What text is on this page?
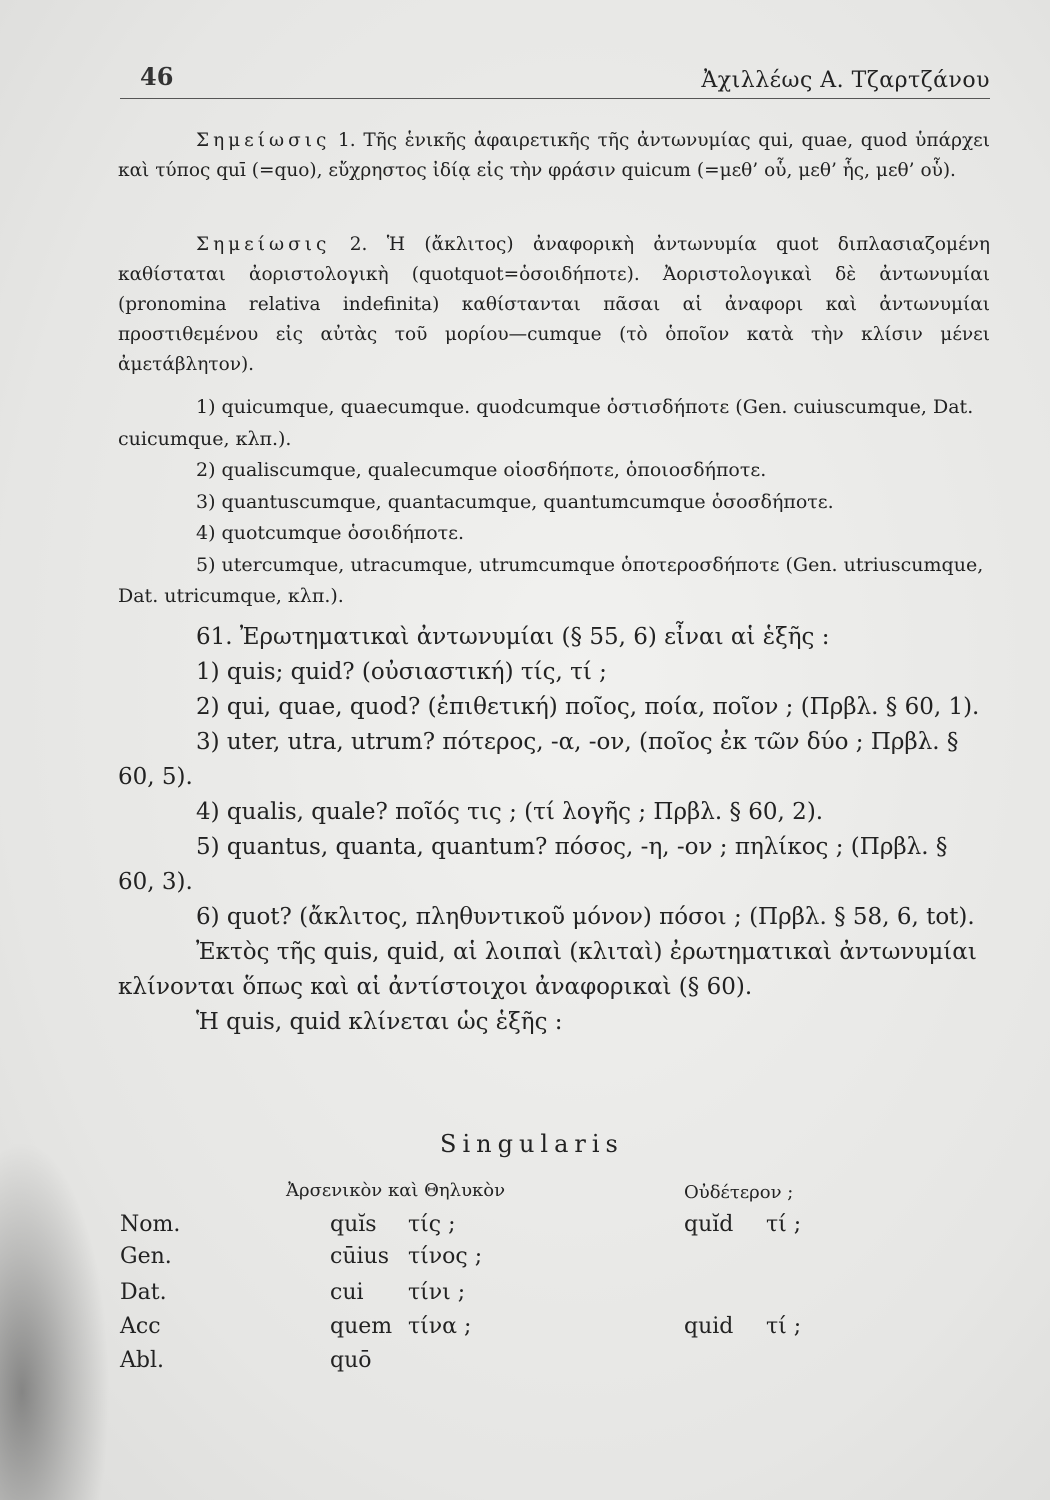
46	Ἀχιλλέως Α. Τζαρτζάνου

Σημείωσις 1. Τῆς ἑνικῆς ἀφαιρετικῆς τῆς ἀντωνυμίας qui, quae, quod ὑπάρχει καὶ τύπος quī (=quo), εὔχρηστος ἰδίᾳ εἰς τὴν φράσιν quicum (=μεθ’ οὗ, μεθ’ ἧς, μεθ’ οὗ).

Σημείωσις 2. Ἡ (ἄκλιτος) ἀναφορικὴ ἀντωνυμία quot διπλασιαζομένη καθίσταται ἀοριστολογικὴ (quotquot=ὁσοιδήποτε). Ἀοριστολογικαὶ δὲ ἀντωνυμίαι (pronomina relativa indefinita) καθίστανται πᾶσαι αἱ ἀναφορι καὶ ἀντωνυμίαι προστιθεμένου εἰς αὐτὰς τοῦ μορίου—cumque (τὸ ὁποῖον κατὰ τὴν κλίσιν μένει ἀμετάβλητον).

1) quicumque, quaecumque. quodcumque ὁστισδήποτε (Gen. cuiuscumque, Dat. cuicumque, κλπ.).

2) qualiscumque, qualecumque οἱοσδήποτε, ὁποιοσδήποτε.

3) quantuscumque, quantacumque, quantumcumque ὁσοσδήποτε.

4) quotcumque ὁσοιδήποτε.

5) utercumque, utracumque, utrumcumque ὁποτεροσδήποτε (Gen. utriuscumque, Dat. utricumque, κλπ.).

61. Ἐρωτηματικαὶ ἀντωνυμίαι (§ 55, 6) εἶναι αἱ ἑξῆς :

1) quis; quid? (οὐσιαστική) τίς, τί ;

2) qui, quae, quod? (ἐπιθετική) ποῖος, ποία, ποῖον ; (Πρβλ. § 60, 1).

3) uter, utra, utrum? πότερος, -α, -ον, (ποῖος ἐκ τῶν δύο ; Πρβλ. § 60, 5).

4) qualis, quale? ποῖός τις ; (τί λογῆς ; Πρβλ. § 60, 2).

5) quantus, quanta, quantum? πόσος, -η, -ον ; πηλίκος ; (Πρβλ. § 60, 3).

6) quot? (ἄκλιτος, πληθυντικοῦ μόνον) πόσοι ; (Πρβλ. § 58, 6, tot).

Ἐκτὸς τῆς quis, quid, αἱ λοιπαὶ (κλιταὶ) ἐρωτηματικαὶ ἀντωνυμίαι κλίνονται ὅπως καὶ αἱ ἀντίστοιχοι ἀναφορικαὶ (§ 60).

Ἡ quis, quid κλίνεται ὡς ἑξῆς :

Singularis
Ἀρσενικὸν καὶ Θηλυκὸν	Οὐδέτερον ;
Nom.	quĭs τίς ;	quĭd τί ;
Gen.	cūius τίνος ;
Dat.	cui τίνι ;
Acc	quem τίνα ;	quid τί ;
Abl.	quō
